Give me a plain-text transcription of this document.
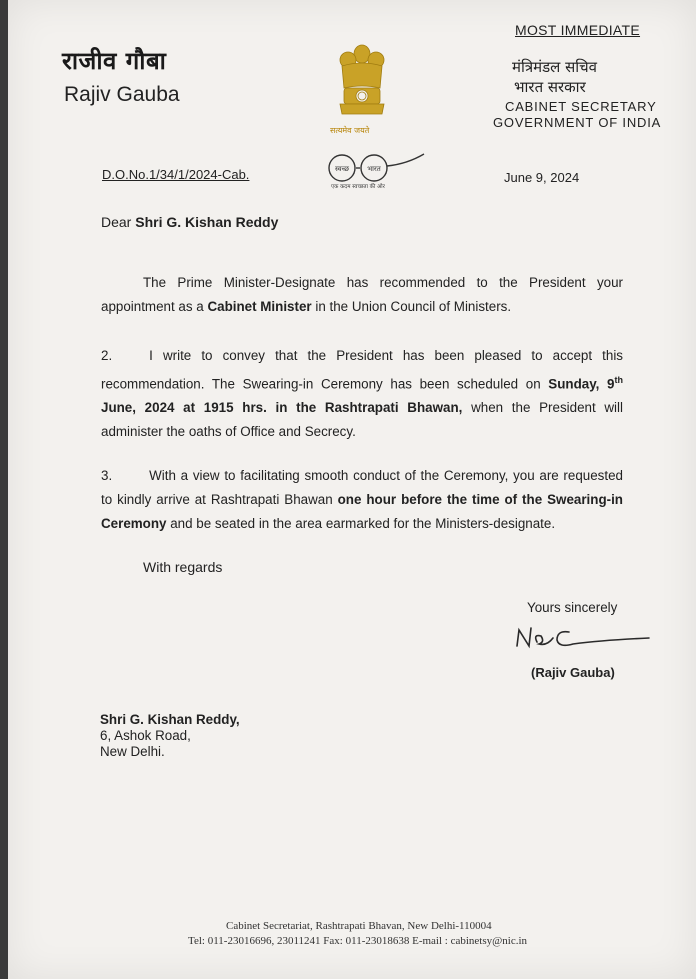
राजीव गौबा
Rajiv Gauba
सत्यमेव जयते
MOST IMMEDIATE
मंत्रिमंडल सचिव
भारत सरकार
CABINET SECRETARY
GOVERNMENT OF INDIA
स्वच्छ	भारत
एक कदम स्वच्छता की ओर
D.O.No.1/34/1/2024-Cab.	June 9, 2024
Dear Shri G. Kishan Reddy

The Prime Minister-Designate has recommended to the President your appointment as a Cabinet Minister in the Union Council of Ministers.

2.	I write to convey that the President has been pleased to accept this recommendation. The Swearing-in Ceremony has been scheduled on Sunday, 9th June, 2024 at 1915 hrs. in the Rashtrapati Bhawan, when the President will administer the oaths of Office and Secrecy.

3.	With a view to facilitating smooth conduct of the Ceremony, you are requested to kindly arrive at Rashtrapati Bhawan one hour before the time of the Swearing-in Ceremony and be seated in the area earmarked for the Ministers-designate.

With regards
Yours sincerely
(Rajiv Gauba)
Shri G. Kishan Reddy,
6, Ashok Road,
New Delhi.
Cabinet Secretariat, Rashtrapati Bhavan, New Delhi-110004
Tel: 011-23016696, 23011241 Fax: 011-23018638 E-mail : cabinetsy@nic.in
